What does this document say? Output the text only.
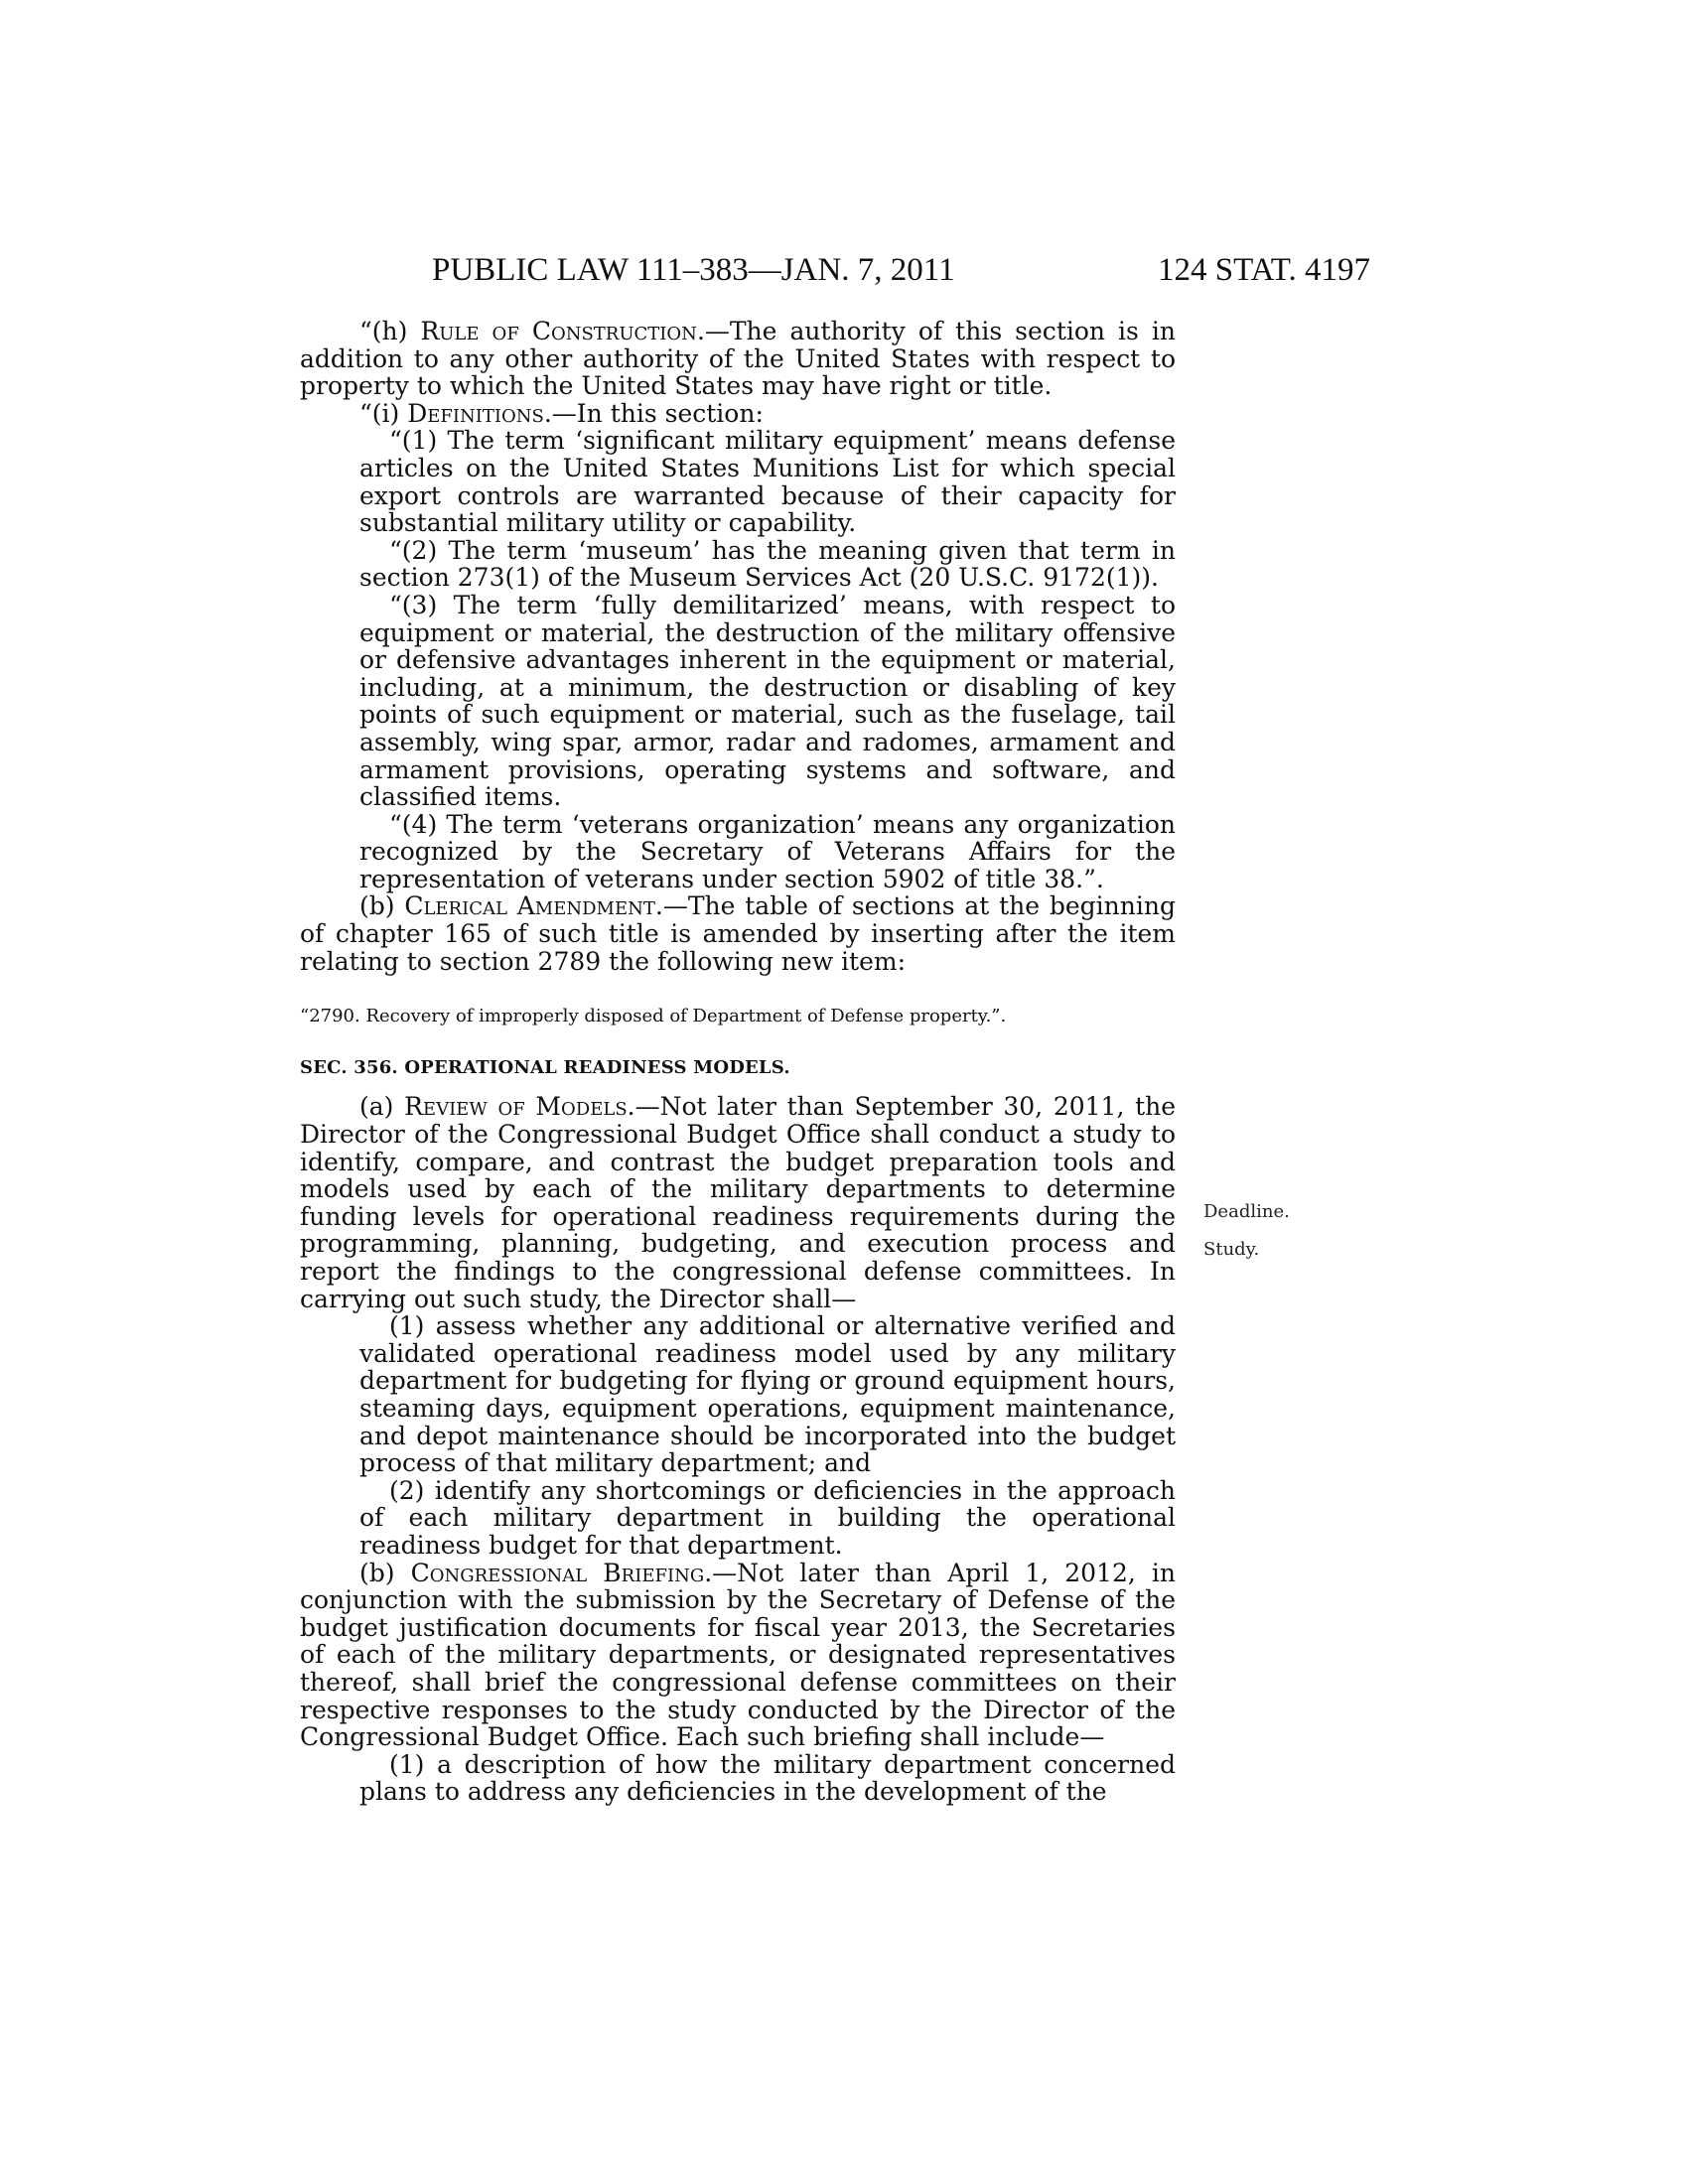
PUBLIC LAW 111–383—JAN. 7, 2011	124 STAT. 4197

“(h) Rule of Construction.—The authority of this section is in addition to any other authority of the United States with respect to property to which the United States may have right or title.

“(i) Definitions.—In this section:

“(1) The term ‘significant military equipment’ means defense articles on the United States Munitions List for which special export controls are warranted because of their capacity for substantial military utility or capability.

“(2) The term ‘museum’ has the meaning given that term in section 273(1) of the Museum Services Act (20 U.S.C. 9172(1)).

“(3) The term ‘fully demilitarized’ means, with respect to equipment or material, the destruction of the military offensive or defensive advantages inherent in the equipment or material, including, at a minimum, the destruction or disabling of key points of such equipment or material, such as the fuselage, tail assembly, wing spar, armor, radar and radomes, armament and armament provisions, operating systems and software, and classified items.

“(4) The term ‘veterans organization’ means any organization recognized by the Secretary of Veterans Affairs for the representation of veterans under section 5902 of title 38.”.

(b) Clerical Amendment.—The table of sections at the beginning of chapter 165 of such title is amended by inserting after the item relating to section 2789 the following new item:

“2790. Recovery of improperly disposed of Department of Defense property.”.

SEC. 356. OPERATIONAL READINESS MODELS.

(a) Review of Models.—Not later than September 30, 2011, the Director of the Congressional Budget Office shall conduct a study to identify, compare, and contrast the budget preparation tools and models used by each of the military departments to determine funding levels for operational readiness requirements during the programming, planning, budgeting, and execution process and report the findings to the congressional defense committees. In carrying out such study, the Director shall—

(1) assess whether any additional or alternative verified and validated operational readiness model used by any military department for budgeting for flying or ground equipment hours, steaming days, equipment operations, equipment maintenance, and depot maintenance should be incorporated into the budget process of that military department; and

(2) identify any shortcomings or deficiencies in the approach of each military department in building the operational readiness budget for that department.

(b) Congressional Briefing.—Not later than April 1, 2012, in conjunction with the submission by the Secretary of Defense of the budget justification documents for fiscal year 2013, the Secretaries of each of the military departments, or designated representatives thereof, shall brief the congressional defense committees on their respective responses to the study conducted by the Director of the Congressional Budget Office. Each such briefing shall include—

(1) a description of how the military department concerned plans to address any deficiencies in the development of the

Deadline.
Study.
